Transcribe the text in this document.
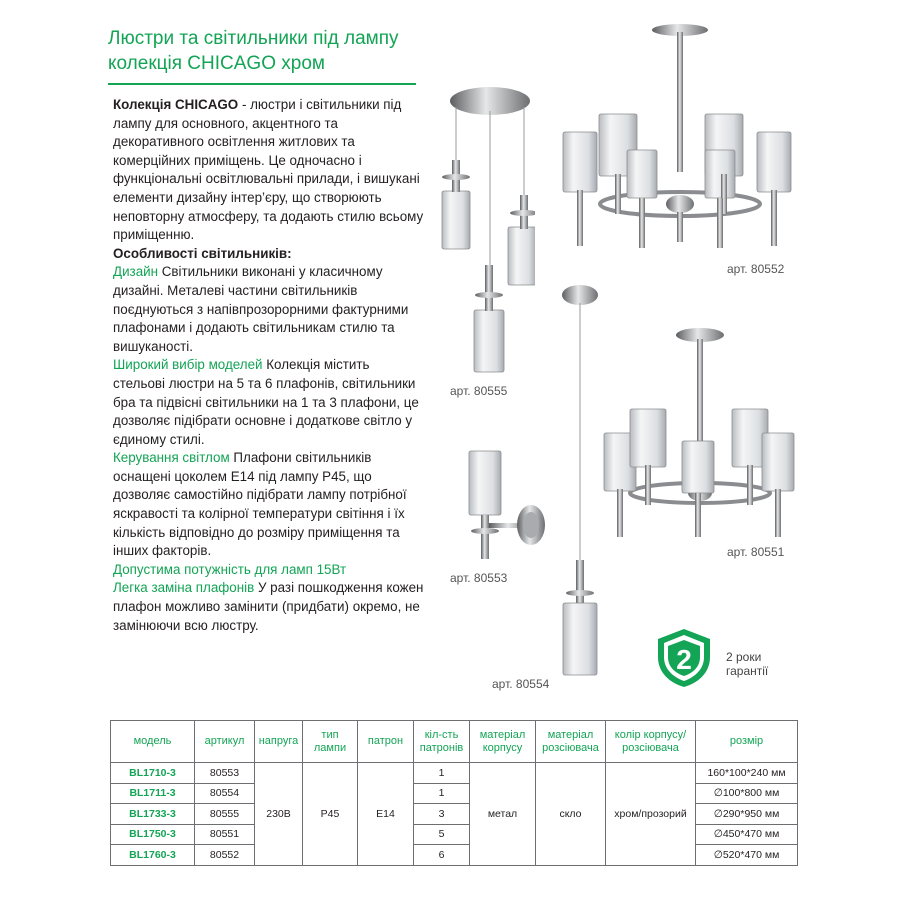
Люстри та світильники під лампу
колекція CHICAGO хром

Колекція CHICAGO - люстри і світильники під лампу для основного, акцентного та декоративного освітлення житлових та комерційних приміщень. Це одночасно і функціональні освітлювальні прилади, і вишукані елементи дизайну інтер’єру, що створюють неповторну атмосферу, та додають стилю всьому приміщенню.

Особливості світильників:

Дизайн Світильники виконані у класичному дизайні. Металеві частини світильників поєднуються з напівпрозорорними фактурними плафонами і додають світильникам стилю та вишуканості.

Широкий вибір моделей Колекція містить стельові люстри на 5 та 6 плафонів, світильники бра та підвісні світильники на 1 та 3 плафони, це дозволяє підібрати основне і додаткове світло у єдиному стилі.

Керування світлом Плафони світильників оснащені цоколем E14 під лампу P45, що дозволяє самостійно підібрати лампу потрібної яскравості та колірної температури світіння і їх кількість відповідно до розміру приміщення та інших факторів.

Допустима потужність для ламп 15Вт

Легка заміна плафонів У разі пошкодження кожен плафон можливо замінити (придбати) окремо, не замінюючи всю люстру.

арт. 80552
арт. 80555
арт. 80551
арт. 80553
арт. 80554
2	2 роки
гарантії
модель	артикул	напруга	тип лампи	патрон	кіл-сть патронів	матеріал корпусу	матеріал розсіювача	колір корпусу/ розсіювача	розмір
BL1710-3	80553	230В	P45	E14	1	метал	скло	хром/прозорий	160*100*240 мм
BL1711-3	80554				1				∅100*800 мм
BL1733-3	80555				3				∅290*950 мм
BL1750-3	80551				5				∅450*470 мм
BL1760-3	80552				6				∅520*470 мм
